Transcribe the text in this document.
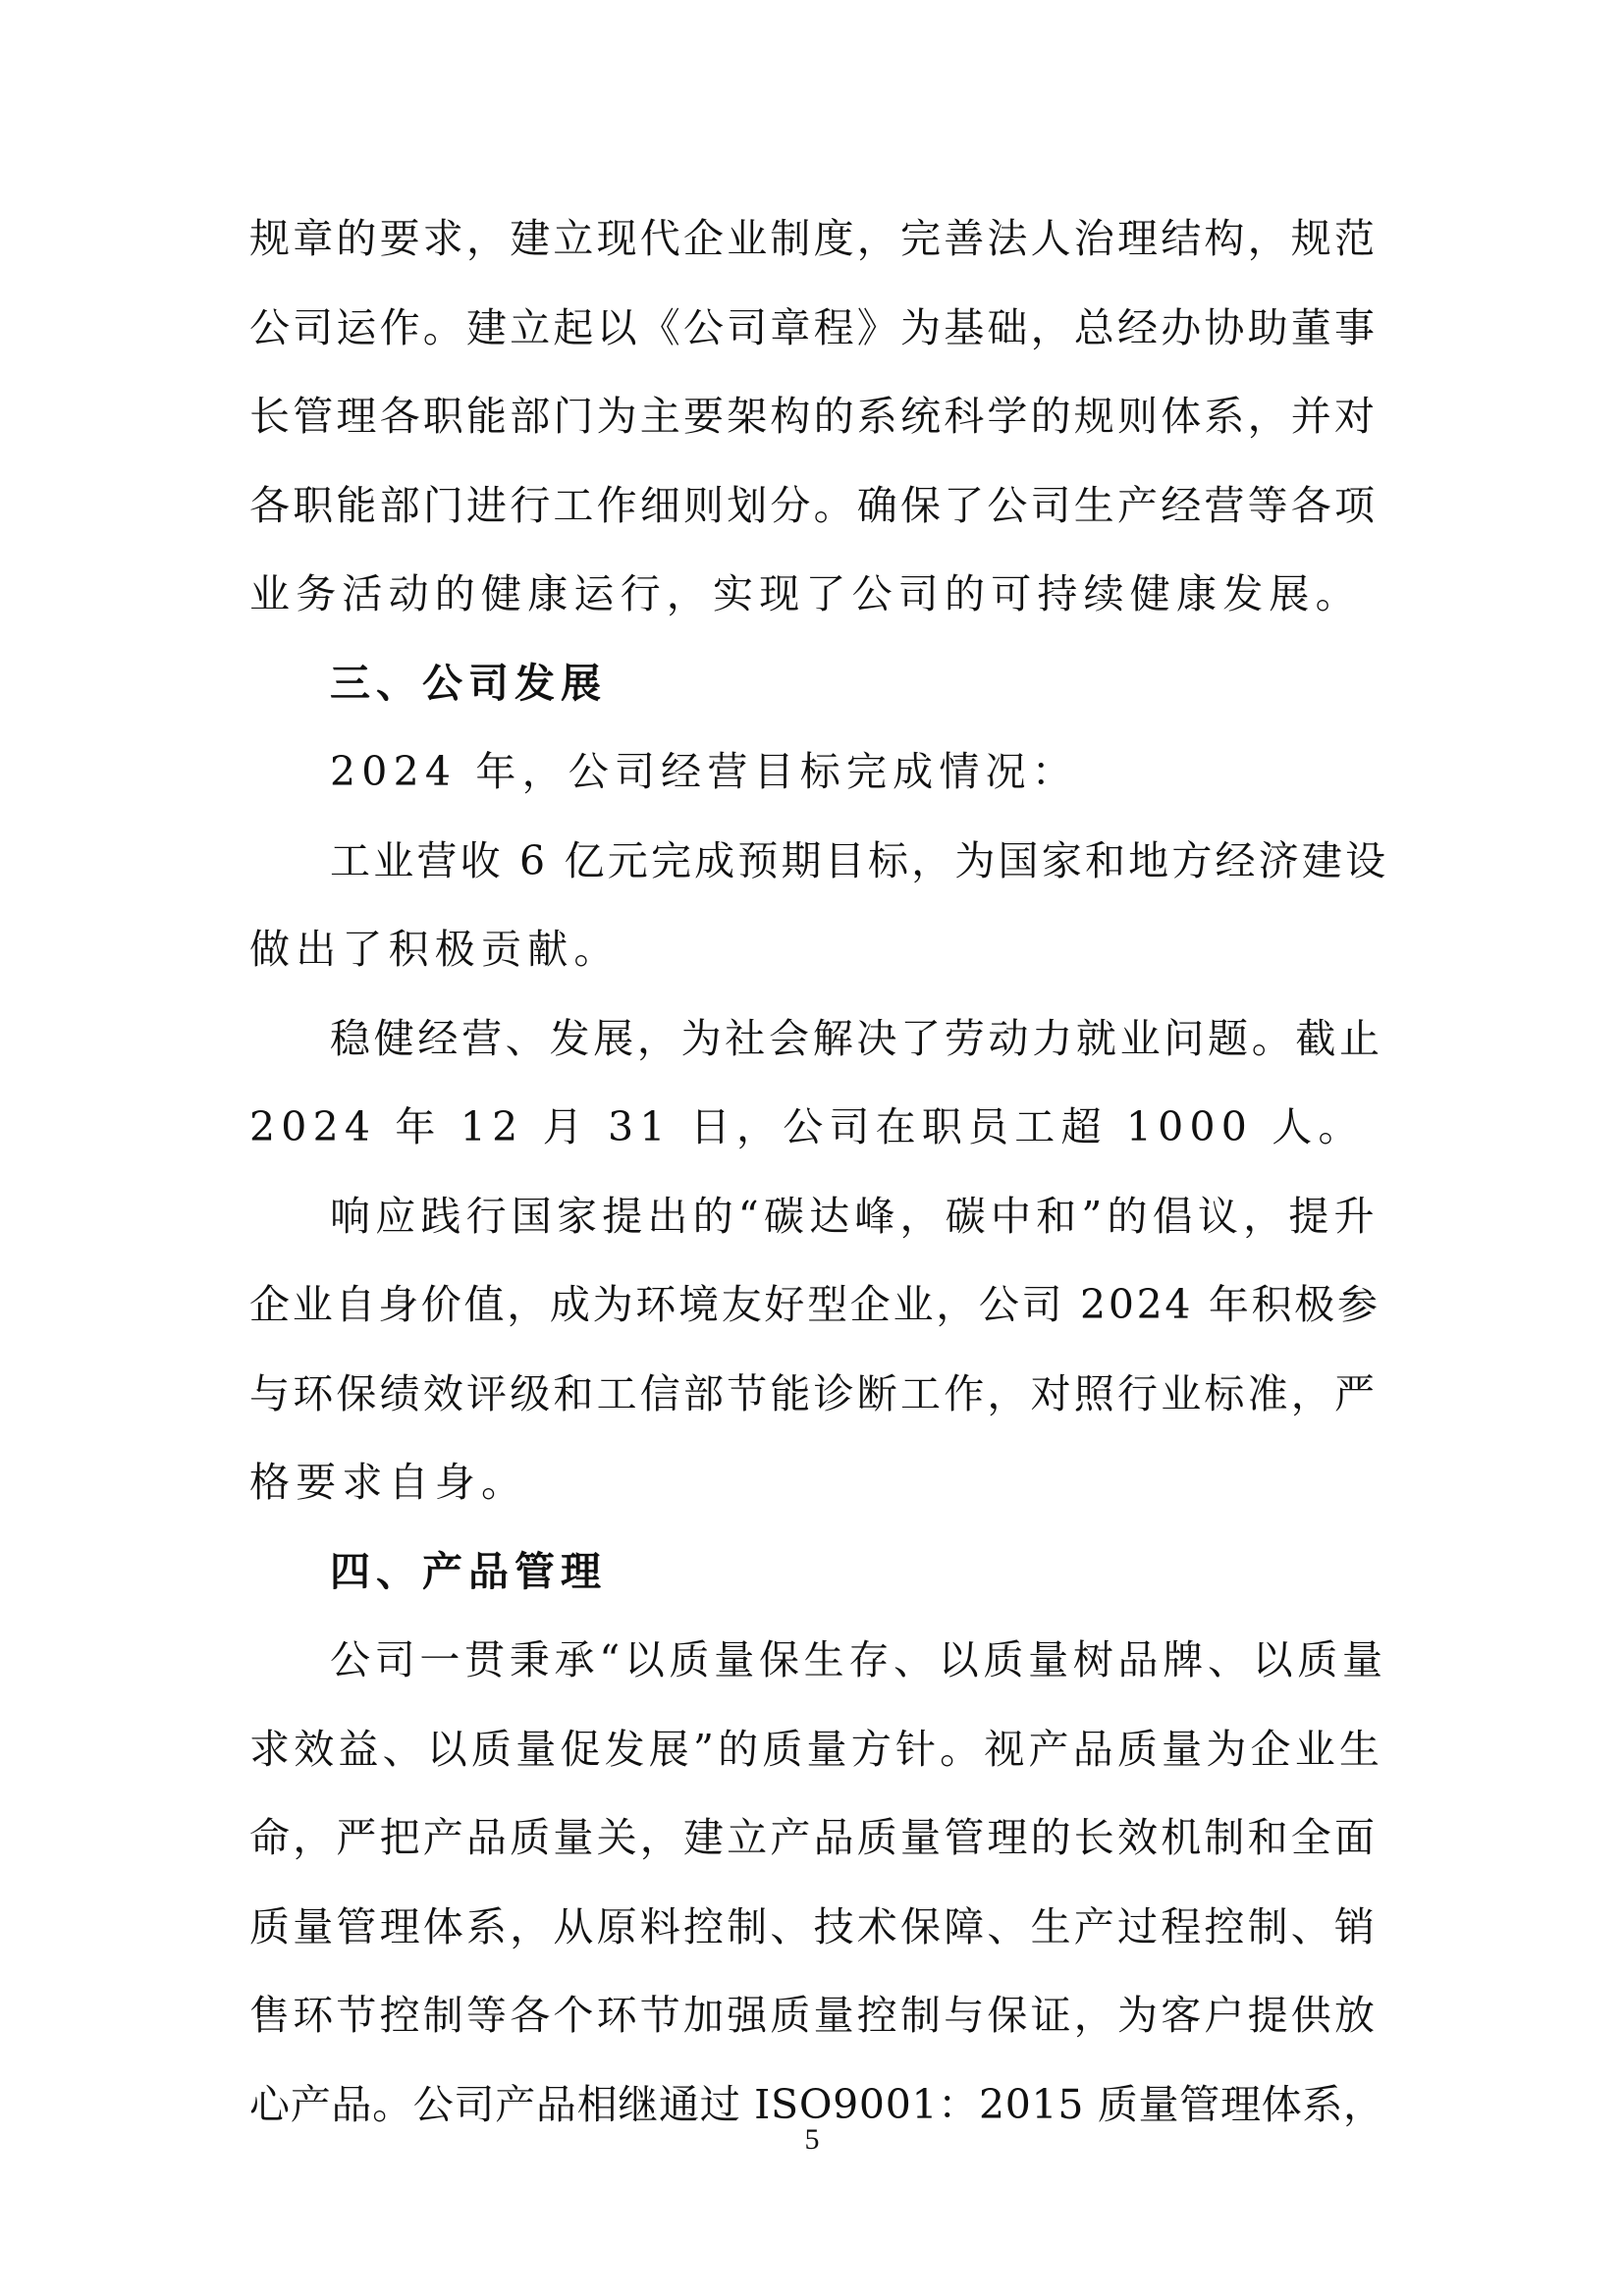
规章的要求，建立现代企业制度，完善法人治理结构，规范
公司运作。建立起以《公司章程》为基础，总经办协助董事
长管理各职能部门为主要架构的系统科学的规则体系，并对
各职能部门进行工作细则划分。确保了公司生产经营等各项
业务活动的健康运行，实现了公司的可持续健康发展。
三、公司发展
2024 年，公司经营目标完成情况：
工业营收 6 亿元完成预期目标，为国家和地方经济建设
做出了积极贡献。
稳健经营、发展，为社会解决了劳动力就业问题。截止
2024 年 12 月 31 日，公司在职员工超 1000 人。
响应践行国家提出的“碳达峰，碳中和”的倡议，提升
企业自身价值，成为环境友好型企业，公司 2024 年积极参
与环保绩效评级和工信部节能诊断工作，对照行业标准，严
格要求自身。
四、产品管理
公司一贯秉承“以质量保生存、以质量树品牌、以质量
求效益、以质量促发展”的质量方针。视产品质量为企业生
命，严把产品质量关，建立产品质量管理的长效机制和全面
质量管理体系，从原料控制、技术保障、生产过程控制、销
售环节控制等各个环节加强质量控制与保证，为客户提供放
心产品。公司产品相继通过 ISO9001：2015 质量管理体系，
5
